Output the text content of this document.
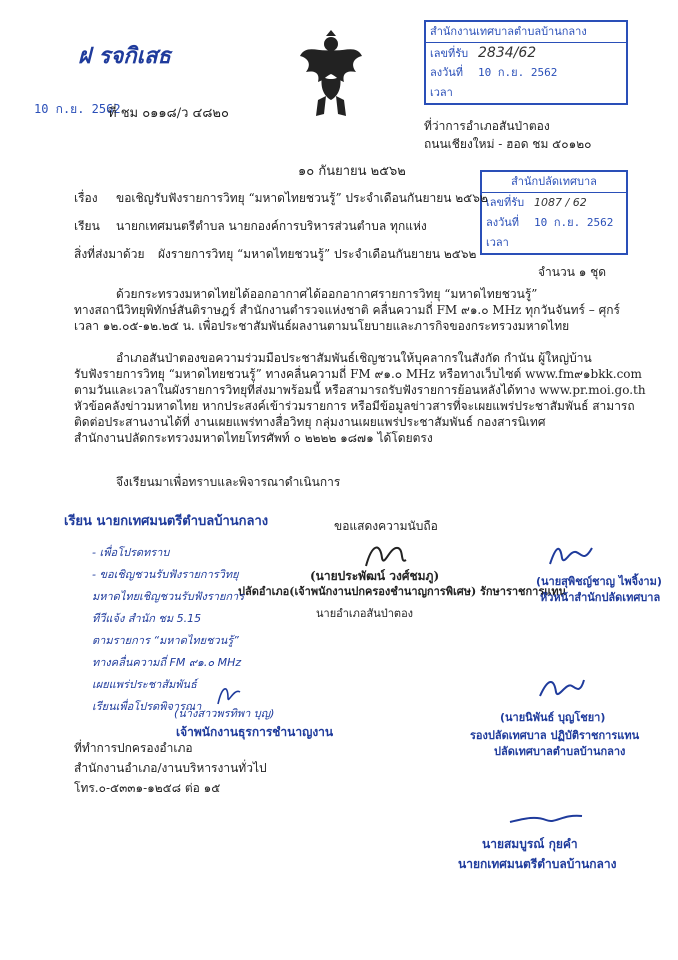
ฝ รจกิเสธ
สำนักงานเทศบาลตำบลบ้านกลาง
เลขที่รับ 2834/62
ลงวันที่ 10 ก.ย. 2562
เวลา
10 ก.ย. 2562
ที่ ชม ๐๑๑๘/ว ๔๘๒๐
ที่ว่าการอำเภอสันป่าตอง
ถนนเชียงใหม่ - ฮอด ชม ๕๐๑๒๐
๑๐ กันยายน ๒๕๖๒
สำนักปลัดเทศบาล
เลขที่รับ 1087 / 62
ลงวันที่ 10 ก.ย. 2562
เวลา
เรื่อง ขอเชิญรับฟังรายการวิทยุ “มหาดไทยชวนรู้” ประจำเดือนกันยายน ๒๕๖๒
เรียน นายกเทศมนตรีตำบล นายกองค์การบริหารส่วนตำบล ทุกแห่ง
สิ่งที่ส่งมาด้วย ผังรายการวิทยุ “มหาดไทยชวนรู้” ประจำเดือนกันยายน ๒๕๖๒
จำนวน ๑ ชุด
ด้วยกระทรวงมหาดไทยได้ออกอากาศได้ออกอากาศรายการวิทยุ “มหาดไทยชวนรู้”
ทางสถานีวิทยุพิทักษ์สันติราษฎร์ สำนักงานตำรวจแห่งชาติ คลื่นความถี่ FM ๙๑.๐ MHz ทุกวันจันทร์ – ศุกร์
เวลา ๑๒.๐๕-๑๒.๒๕ น. เพื่อประชาสัมพันธ์ผลงานตามนโยบายและภารกิจของกระทรวงมหาดไทย
อำเภอสันป่าตองขอความร่วมมือประชาสัมพันธ์เชิญชวนให้บุคลากรในสังกัด กำนัน ผู้ใหญ่บ้าน
รับฟังรายการวิทยุ “มหาดไทยชวนรู้” ทางคลื่นความถี่ FM ๙๑.๐ MHz หรือทางเว็บไซต์ www.fm๙๑bkk.com
ตามวันและเวลาในผังรายการวิทยุที่ส่งมาพร้อมนี้ หรือสามารถรับฟังรายการย้อนหลังได้ทาง www.pr.moi.go.th
หัวข้อคลังข่าวมหาดไทย หากประสงค์เข้าร่วมรายการ หรือมีข้อมูลข่าวสารที่จะเผยแพร่ประชาสัมพันธ์ สามารถ
ติดต่อประสานงานได้ที่ งานเผยแพร่ทางสื่อวิทยุ กลุ่มงานเผยแพร่ประชาสัมพันธ์ กองสารนิเทศ
สำนักงานปลัดกระทรวงมหาดไทยโทรศัพท์ ๐ ๒๒๒๒ ๑๘๗๑ ได้โดยตรง
จึงเรียนมาเพื่อทราบและพิจารณาดำเนินการ
เรียน นายกเทศมนตรีตำบลบ้านกลาง	ขอแสดงความนับถือ
(นายประพัฒน์ วงศ์ชมภู)
ปลัดอำเภอ(เจ้าพนักงานปกครองชำนาญการพิเศษ) รักษาราชการแทน
นายอำเภอสันป่าตอง
- เพื่อโปรดทราบ
- ขอเชิญชวนรับฟังรายการวิทยุ
มหาดไทยเชิญชวนรับฟังรายการ
ทีวีแจ้ง สำนัก ชม 5.15
ตามรายการ “มหาดไทยชวนรู้”
ทางคลื่นความถี่ FM ๙๑.๐ MHz
เผยแพร่ประชาสัมพันธ์
เรียนเพื่อโปรดพิจารณา
(นางสาวพรทิพา บุญ)
เจ้าพนักงานธุรการชำนาญงาน
ที่ทำการปกครองอำเภอ
สำนักงานอำเภอ/งานบริหารงานทั่วไป
โทร.๐-๕๓๓๑-๑๒๕๘ ต่อ ๑๕
(นายสุพิชญ์ชาญ ไพจิ้งาม)
หัวหน้าสำนักปลัดเทศบาล
(นายนิพันธ์ บุญโชยา)
รองปลัดเทศบาล ปฏิบัติราชการแทน
ปลัดเทศบาลตำบลบ้านกลาง
นายสมบูรณ์ กุยคำ
นายกเทศมนตรีตำบลบ้านกลาง
